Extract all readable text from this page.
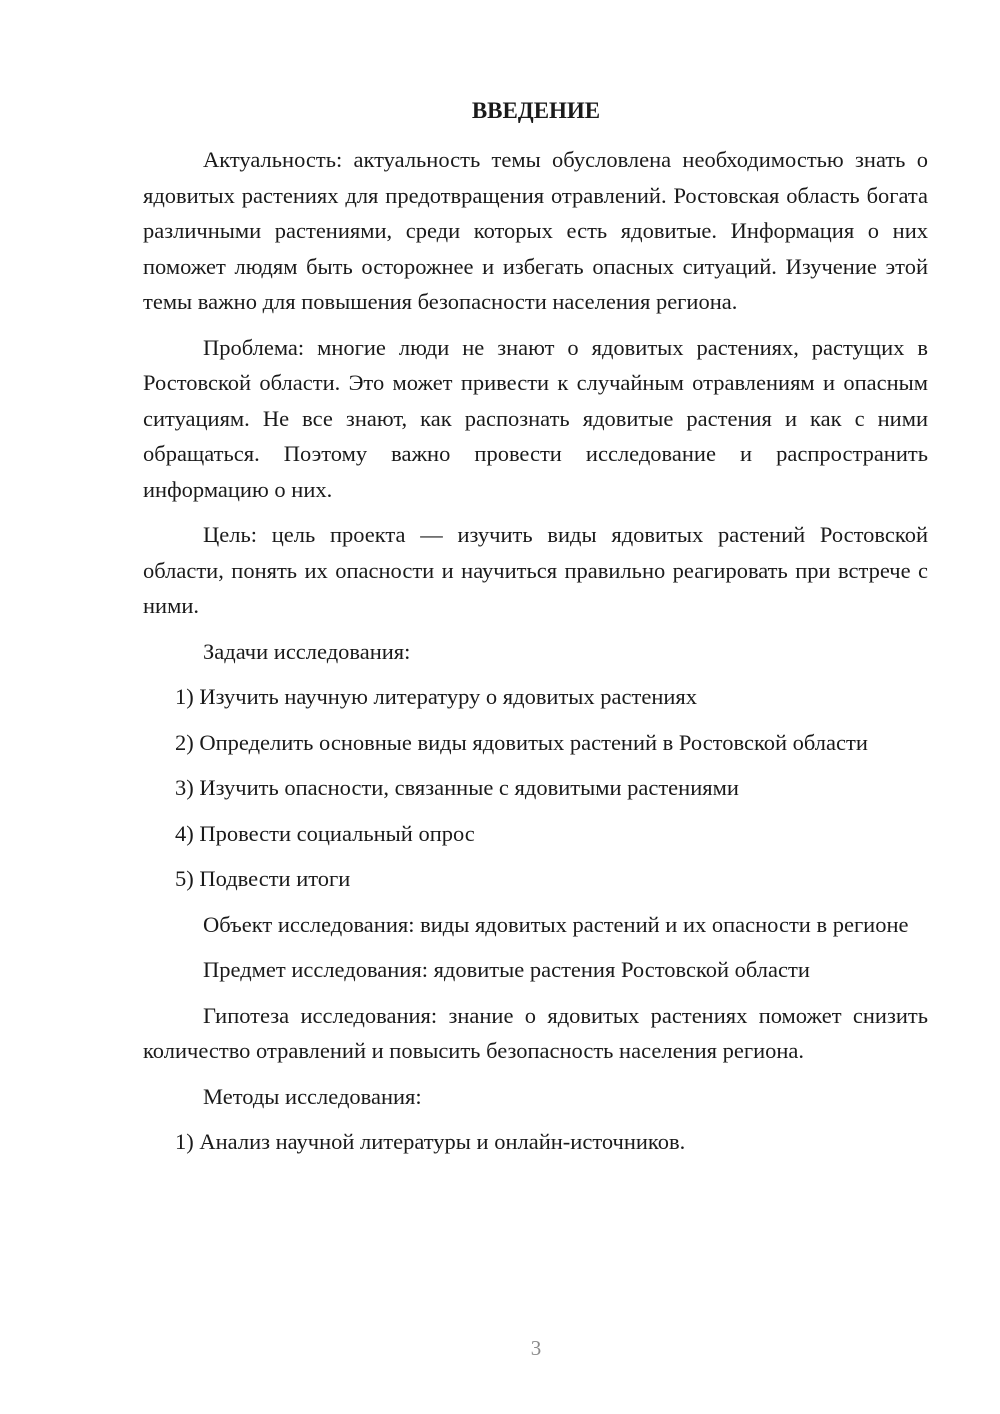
ВВЕДЕНИЕ

Актуальность: актуальность темы обусловлена необходимостью знать о ядовитых растениях для предотвращения отравлений. Ростовская область богата различными растениями, среди которых есть ядовитые. Информация о них поможет людям быть осторожнее и избегать опасных ситуаций. Изучение этой темы важно для повышения безопасности населения региона.

Проблема: многие люди не знают о ядовитых растениях, растущих в Ростовской области. Это может привести к случайным отравлениям и опасным ситуациям. Не все знают, как распознать ядовитые растения и как с ними обращаться. Поэтому важно провести исследование и распространить информацию о них.

Цель: цель проекта — изучить виды ядовитых растений Ростовской области, понять их опасности и научиться правильно реагировать при встрече с ними.

Задачи исследования:

1) Изучить научную литературу о ядовитых растениях

2) Определить основные виды ядовитых растений в Ростовской области

3) Изучить опасности, связанные с ядовитыми растениями

4) Провести социальный опрос

5) Подвести итоги

Объект исследования: виды ядовитых растений и их опасности в регионе

Предмет исследования: ядовитые растения Ростовской области

Гипотеза исследования: знание о ядовитых растениях поможет снизить количество отравлений и повысить безопасность населения региона.

Методы исследования:

1) Анализ научной литературы и онлайн-источников.

3
